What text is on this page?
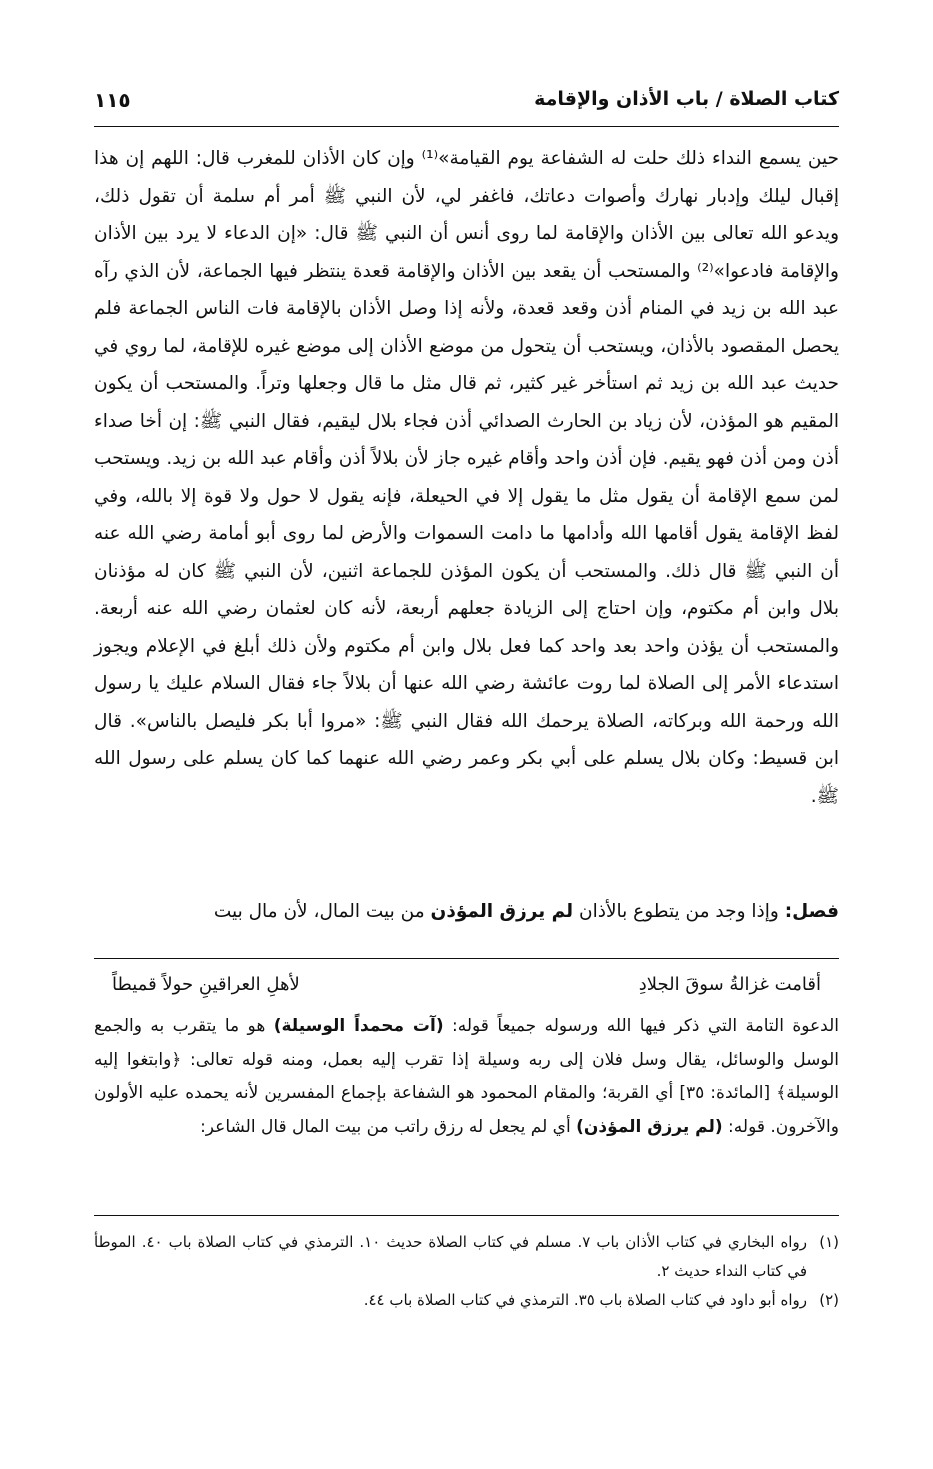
كتاب الصلاة / باب الأذان والإقامة
١١٥

حين يسمع النداء ذلك حلت له الشفاعة يوم القيامة»⁽¹⁾ وإن كان الأذان للمغرب قال: اللهم إن هذا إقبال ليلك وإدبار نهارك وأصوات دعاتك، فاغفر لي، لأن النبي ﷺ أمر أم سلمة أن تقول ذلك، ويدعو الله تعالى بين الأذان والإقامة لما روى أنس أن النبي ﷺ قال: «إن الدعاء لا يرد بين الأذان والإقامة فادعوا»⁽²⁾ والمستحب أن يقعد بين الأذان والإقامة قعدة ينتظر فيها الجماعة، لأن الذي رآه عبد الله بن زيد في المنام أذن وقعد قعدة، ولأنه إذا وصل الأذان بالإقامة فات الناس الجماعة فلم يحصل المقصود بالأذان، ويستحب أن يتحول من موضع الأذان إلى موضع غيره للإقامة، لما روي في حديث عبد الله بن زيد ثم استأخر غير كثير، ثم قال مثل ما قال وجعلها وتراً. والمستحب أن يكون المقيم هو المؤذن، لأن زياد بن الحارث الصدائي أذن فجاء بلال ليقيم، فقال النبي ﷺ: إن أخا صداء أذن ومن أذن فهو يقيم. فإن أذن واحد وأقام غيره جاز لأن بلالاً أذن وأقام عبد الله بن زيد. ويستحب لمن سمع الإقامة أن يقول مثل ما يقول إلا في الحيعلة، فإنه يقول لا حول ولا قوة إلا بالله، وفي لفظ الإقامة يقول أقامها الله وأدامها ما دامت السموات والأرض لما روى أبو أمامة رضي الله عنه أن النبي ﷺ قال ذلك. والمستحب أن يكون المؤذن للجماعة اثنين، لأن النبي ﷺ كان له مؤذنان بلال وابن أم مكتوم، وإن احتاج إلى الزيادة جعلهم أربعة، لأنه كان لعثمان رضي الله عنه أربعة. والمستحب أن يؤذن واحد بعد واحد كما فعل بلال وابن أم مكتوم ولأن ذلك أبلغ في الإعلام ويجوز استدعاء الأمر إلى الصلاة لما روت عائشة رضي الله عنها أن بلالاً جاء فقال السلام عليك يا رسول الله ورحمة الله وبركاته، الصلاة يرحمك الله فقال النبي ﷺ: «مروا أبا بكر فليصل بالناس». قال ابن قسيط: وكان بلال يسلم على أبي بكر وعمر رضي الله عنهما كما كان يسلم على رسول الله ﷺ.

فصل: وإذا وجد من يتطوع بالأذان لم يرزق المؤذن من بيت المال، لأن مال بيت
أقامت غزالةُ سوقَ الجلادِ
لأهلِ العراقينِ حولاً قميطاً
الدعوة التامة التي ذكر فيها الله ورسوله جميعاً قوله: (آت محمداً الوسيلة) هو ما يتقرب به والجمع الوسل والوسائل، يقال وسل فلان إلى ربه وسيلة إذا تقرب إليه بعمل، ومنه قوله تعالى: ﴿وابتغوا إليه الوسيلة﴾ [المائدة: ٣٥] أي القربة؛ والمقام المحمود هو الشفاعة بإجماع المفسرين لأنه يحمده عليه الأولون والآخرون. قوله: (لم يرزق المؤذن) أي لم يجعل له رزق راتب من بيت المال قال الشاعر:
(١)
رواه البخاري في كتاب الأذان باب ٧. مسلم في كتاب الصلاة حديث ١٠. الترمذي في كتاب الصلاة باب ٤٠. الموطأ في كتاب النداء حديث ٢.
(٢)
رواه أبو داود في كتاب الصلاة باب ٣٥. الترمذي في كتاب الصلاة باب ٤٤.
